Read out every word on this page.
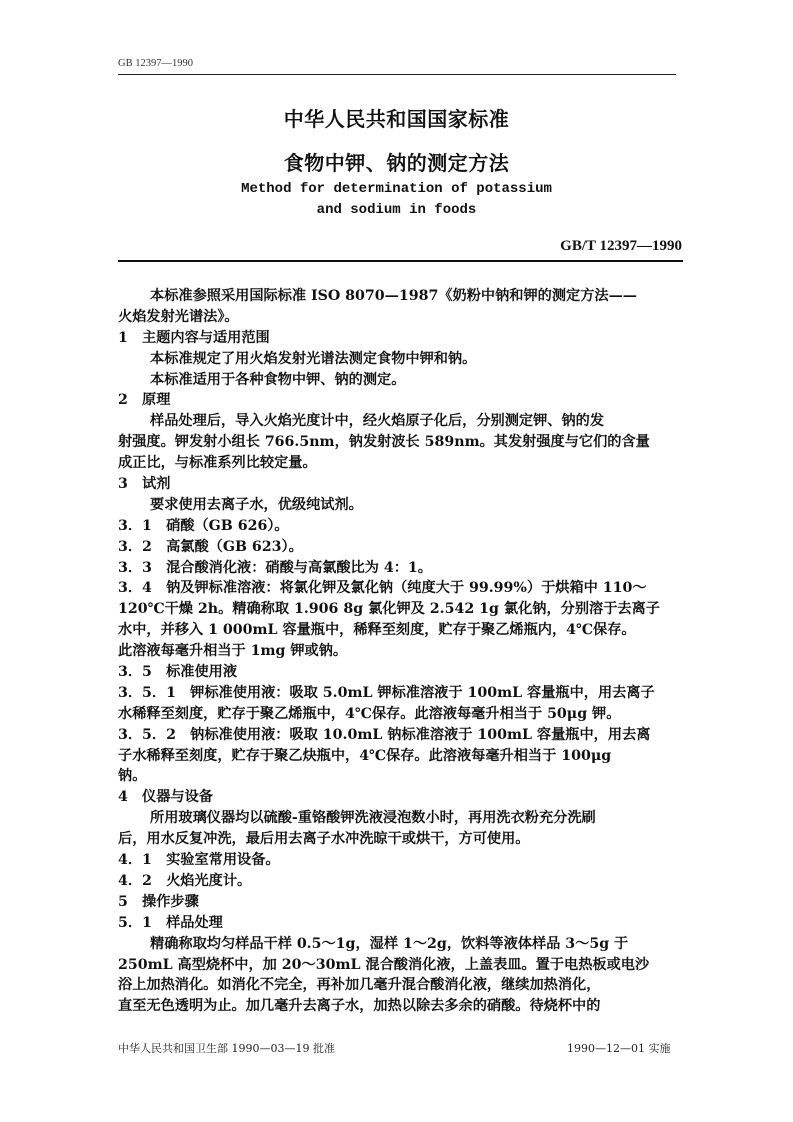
GB 12397—1990
中华人民共和国国家标准
食物中钾、钠的测定方法
Method for determination of potassium
and sodium in foods
GB/T 12397—1990
本标准参照采用国际标准 ISO 8070—1987《奶粉中钠和钾的测定方法——
火焰发射光谱法》。
1　主题内容与适用范围
本标准规定了用火焰发射光谱法测定食物中钾和钠。
本标准适用于各种食物中钾、钠的测定。
2　原理
样品处理后，导入火焰光度计中，经火焰原子化后，分别测定钾、钠的发
射强度。钾发射小组长 766.5nm，钠发射波长 589nm。其发射强度与它们的含量
成正比，与标准系列比较定量。
3　试剂
要求使用去离子水，优级纯试剂。
3．1　硝酸（GB 626）。
3．2　高氯酸（GB 623）。
3．3　混合酸消化液：硝酸与高氯酸比为 4：1。
3．4　钠及钾标准溶液：将氯化钾及氯化钠（纯度大于 99.99%）于烘箱中 110～
120℃干燥 2h。精确称取 1.906 8g 氯化钾及 2.542 1g 氯化钠，分别溶于去离子
水中，并移入 1 000mL 容量瓶中，稀释至刻度，贮存于聚乙烯瓶内，4℃保存。
此溶液每毫升相当于 1mg 钾或钠。
3．5　标准使用液
3．5．1　钾标准使用液：吸取 5.0mL 钾标准溶液于 100mL 容量瓶中，用去离子
水稀释至刻度，贮存于聚乙烯瓶中，4℃保存。此溶液每毫升相当于 50μg 钾。
3．5．2　钠标准使用液：吸取 10.0mL 钠标准溶液于 100mL 容量瓶中，用去离
子水稀释至刻度，贮存于聚乙炔瓶中，4℃保存。此溶液每毫升相当于 100μg
钠。
4　仪器与设备
所用玻璃仪器均以硫酸-重铬酸钾洗液浸泡数小时，再用洗衣粉充分洗刷
后，用水反复冲洗，最后用去离子水冲洗晾干或烘干，方可使用。
4．1　实验室常用设备。
4．2　火焰光度计。
5　操作步骤
5．1　样品处理
精确称取均匀样品干样 0.5～1g，湿样 1～2g，饮料等液体样品 3～5g 于
250mL 高型烧杯中，加 20～30mL 混合酸消化液，上盖表皿。置于电热板或电沙
浴上加热消化。如消化不完全，再补加几毫升混合酸消化液，继续加热消化，
直至无色透明为止。加几毫升去离子水，加热以除去多余的硝酸。待烧杯中的
中华人民共和国卫生部 1990—03—19 批准	1990—12—01 实施
